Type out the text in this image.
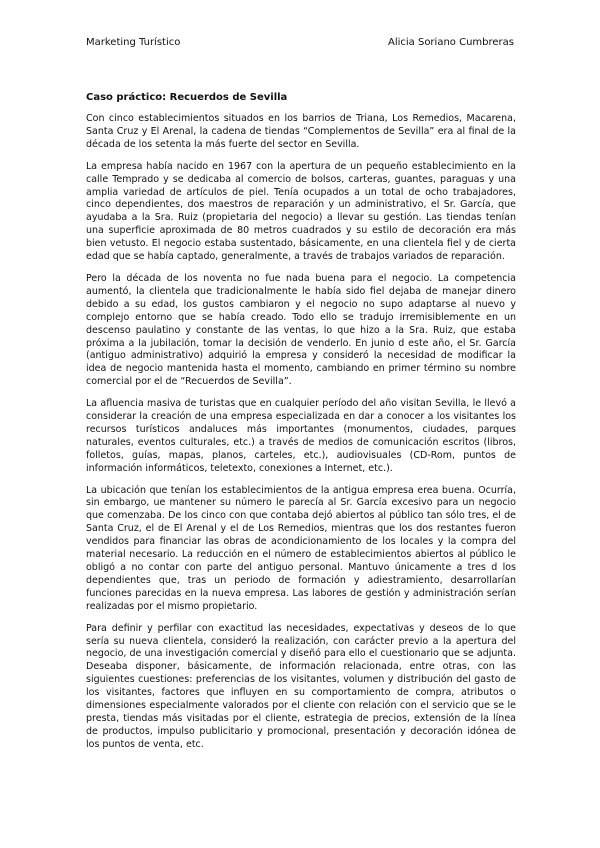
Marketing Turístico	Alicia Soriano Cumbreras
Caso práctico: Recuerdos de Sevilla

Con cinco establecimientos situados en los barrios de Triana, Los Remedios, Macarena, Santa Cruz y El Arenal, la cadena de tiendas “Complementos de Sevilla” era al final de la década de los setenta la más fuerte del sector en Sevilla.

La empresa había nacido en 1967 con la apertura de un pequeño establecimiento en la calle Temprado y se dedicaba al comercio de bolsos, carteras, guantes, paraguas y una amplia variedad de artículos de piel. Tenía ocupados a un total de ocho trabajadores, cinco dependientes, dos maestros de reparación y un administrativo, el Sr. García, que ayudaba a la Sra. Ruiz (propietaria del negocio) a llevar su gestión. Las tiendas tenían una superficie aproximada de 80 metros cuadrados y su estilo de decoración era más bien vetusto. El negocio estaba sustentado, básicamente, en una clientela fiel y de cierta edad que se había captado, generalmente, a través de trabajos variados de reparación.

Pero la década de los noventa no fue nada buena para el negocio. La competencia aumentó, la clientela que tradicionalmente le había sido fiel dejaba de manejar dinero debido a su edad, los gustos cambiaron y el negocio no supo adaptarse al nuevo y complejo entorno que se había creado. Todo ello se tradujo irremisiblemente en un descenso paulatino y constante de las ventas, lo que hizo a la Sra. Ruiz, que estaba próxima a la jubilación, tomar la decisión de venderlo. En junio d este año, el Sr. García (antiguo administrativo) adquirió la empresa y consideró la necesidad de modificar la idea de negocio mantenida hasta el momento, cambiando en primer término su nombre comercial por el de “Recuerdos de Sevilla”.

La afluencia masiva de turistas que en cualquier período del año visitan Sevilla, le llevó a considerar la creación de una empresa especializada en dar a conocer a los visitantes los recursos turísticos andaluces más importantes (monumentos, ciudades, parques naturales, eventos culturales, etc.) a través de medios de comunicación escritos (libros, folletos, guías, mapas, planos, carteles, etc.), audiovisuales (CD-Rom, puntos de información informáticos, teletexto, conexiones a Internet, etc.).

La ubicación que tenían los establecimientos de la antigua empresa erea buena. Ocurría, sin embargo, ue mantener su número le parecía al Sr. García excesivo para un negocio que comenzaba. De los cinco con que contaba dejó abiertos al público tan sólo tres, el de Santa Cruz, el de El Arenal y el de Los Remedios, mientras que los dos restantes fueron vendidos para financiar las obras de acondicionamiento de los locales y la compra del material necesario. La reducción en el número de establecimientos abiertos al público le obligó a no contar con parte del antiguo personal. Mantuvo únicamente a tres d los dependientes que, tras un periodo de formación y adiestramiento, desarrollarían funciones parecidas en la nueva empresa. Las labores de gestión y administración serían realizadas por el mismo propietario.

Para definir y perfilar con exactitud las necesidades, expectativas y deseos de lo que sería su nueva clientela, consideró la realización, con carácter previo a la apertura del negocio, de una investigación comercial y diseñó para ello el cuestionario que se adjunta. Deseaba disponer, básicamente, de información relacionada, entre otras, con las siguientes cuestiones: preferencias de los visitantes, volumen y distribución del gasto de los visitantes, factores que influyen en su comportamiento de compra, atributos o dimensiones especialmente valorados por el cliente con relación con el servicio que se le presta, tiendas más visitadas por el cliente, estrategia de precios, extensión de la línea de productos, impulso publicitario y promocional, presentación y decoración idónea de los puntos de venta, etc.
